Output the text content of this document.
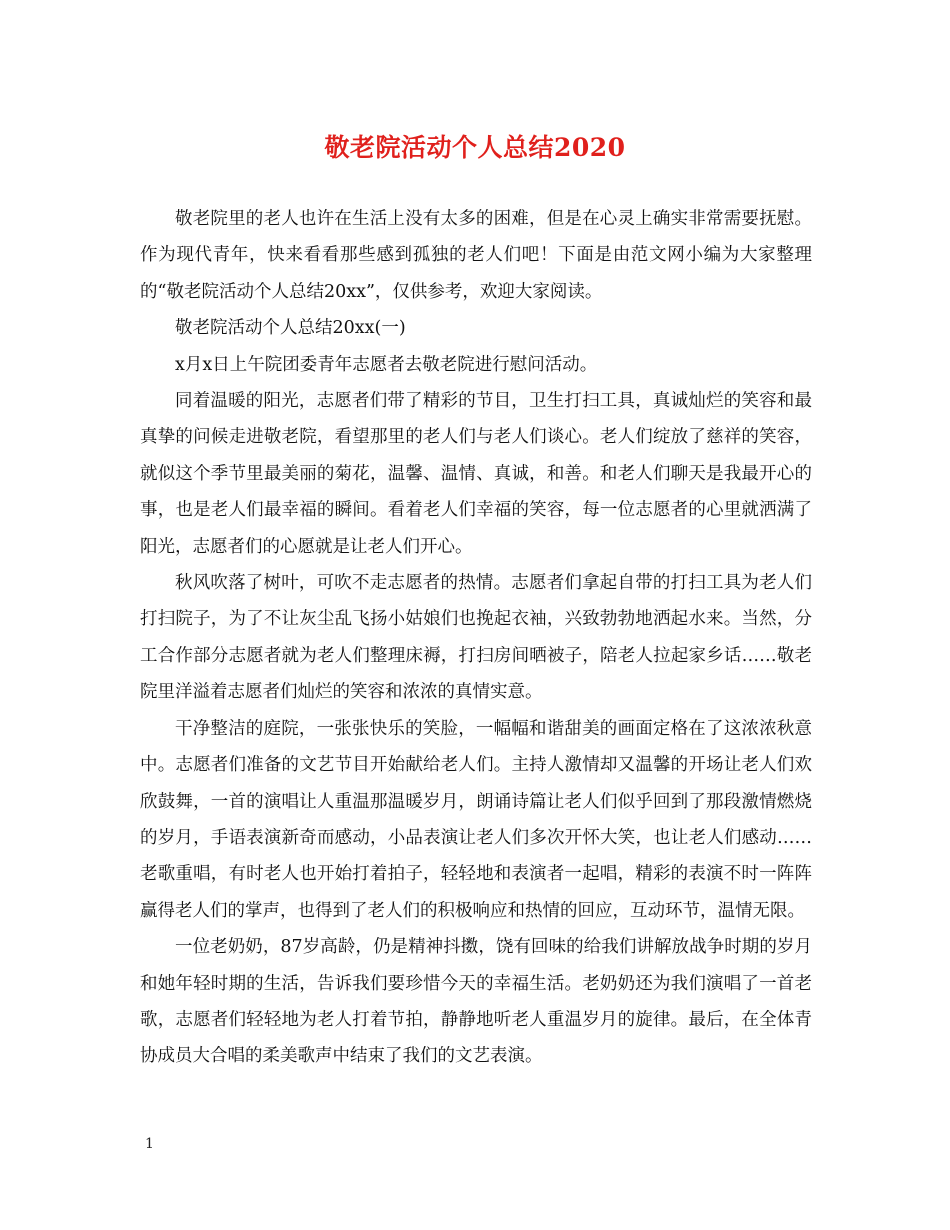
敬老院活动个人总结2020

敬老院里的老人也许在生活上没有太多的困难，但是在心灵上确实非常需要抚慰。作为现代青年，快来看看那些感到孤独的老人们吧！下面是由范文网小编为大家整理的“敬老院活动个人总结20xx”，仅供参考，欢迎大家阅读。

敬老院活动个人总结20xx(一)

x月x日上午院团委青年志愿者去敬老院进行慰问活动。

同着温暖的阳光，志愿者们带了精彩的节目，卫生打扫工具，真诚灿烂的笑容和最真挚的问候走进敬老院，看望那里的老人们与老人们谈心。老人们绽放了慈祥的笑容，就似这个季节里最美丽的菊花，温馨、温情、真诚，和善。和老人们聊天是我最开心的事，也是老人们最幸福的瞬间。看着老人们幸福的笑容，每一位志愿者的心里就洒满了阳光，志愿者们的心愿就是让老人们开心。

秋风吹落了树叶，可吹不走志愿者的热情。志愿者们拿起自带的打扫工具为老人们打扫院子，为了不让灰尘乱飞扬小姑娘们也挽起衣袖，兴致勃勃地洒起水来。当然，分工合作部分志愿者就为老人们整理床褥，打扫房间晒被子，陪老人拉起家乡话……敬老院里洋溢着志愿者们灿烂的笑容和浓浓的真情实意。

干净整洁的庭院，一张张快乐的笑脸，一幅幅和谐甜美的画面定格在了这浓浓秋意中。志愿者们准备的文艺节目开始献给老人们。主持人激情却又温馨的开场让老人们欢欣鼓舞，一首的演唱让人重温那温暖岁月，朗诵诗篇让老人们似乎回到了那段激情燃烧的岁月，手语表演新奇而感动，小品表演让老人们多次开怀大笑，也让老人们感动……老歌重唱，有时老人也开始打着拍子，轻轻地和表演者一起唱，精彩的表演不时一阵阵赢得老人们的掌声，也得到了老人们的积极响应和热情的回应，互动环节，温情无限。

一位老奶奶，87岁高龄，仍是精神抖擞，饶有回味的给我们讲解放战争时期的岁月和她年轻时期的生活，告诉我们要珍惜今天的幸福生活。老奶奶还为我们演唱了一首老歌，志愿者们轻轻地为老人打着节拍，静静地听老人重温岁月的旋律。最后，在全体青协成员大合唱的柔美歌声中结束了我们的文艺表演。

1
